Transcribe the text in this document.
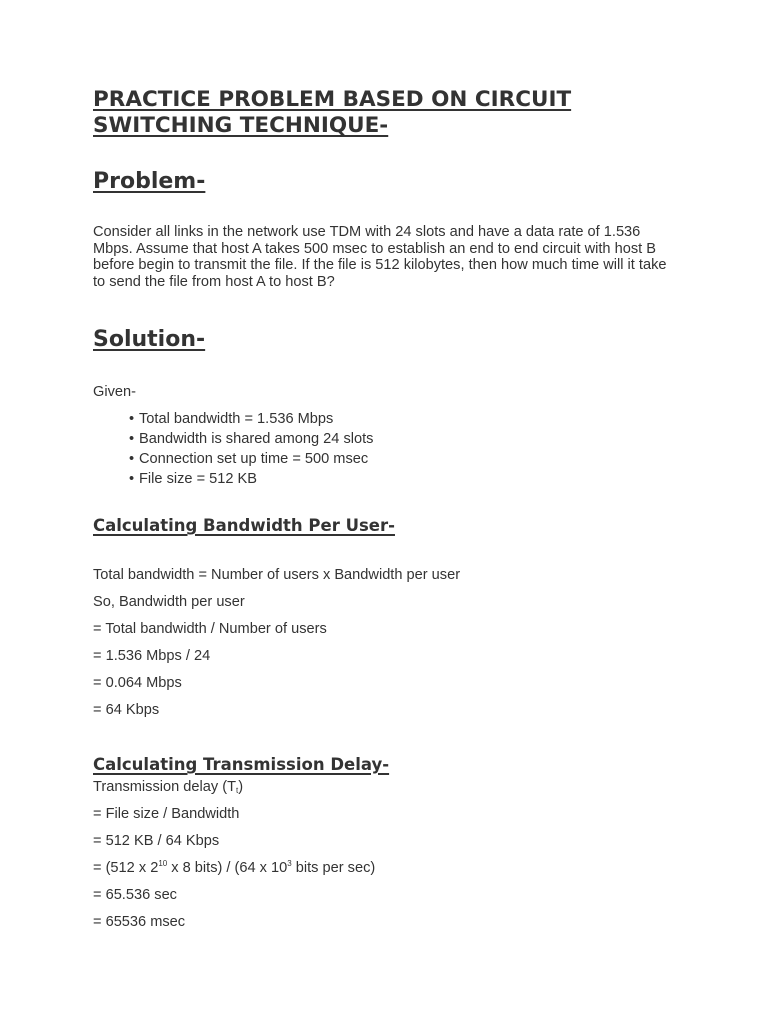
PRACTICE PROBLEM BASED ON CIRCUIT
SWITCHING TECHNIQUE-
Problem-

Consider all links in the network use TDM with 24 slots and have a data rate of 1.536 Mbps. Assume that host A takes 500 msec to establish an end to end circuit with host B before begin to transmit the file. If the file is 512 kilobytes, then how much time will it take to send the file from host A to host B?

Solution-
Given-
• Total bandwidth = 1.536 Mbps
• Bandwidth is shared among 24 slots
• Connection set up time = 500 msec
• File size = 512 KB
Calculating Bandwidth Per User-
Total bandwidth = Number of users x Bandwidth per user
So, Bandwidth per user
= Total bandwidth / Number of users
= 1.536 Mbps / 24
= 0.064 Mbps
= 64 Kbps
Calculating Transmission Delay-
Transmission delay $(T_t)$
= File size / Bandwidth
= 512 KB / 64 Kbps
= (512 x $2^{10}$ x 8 bits) / (64 x $10^3$ bits per sec)
= 65.536 sec
= 65536 msec
